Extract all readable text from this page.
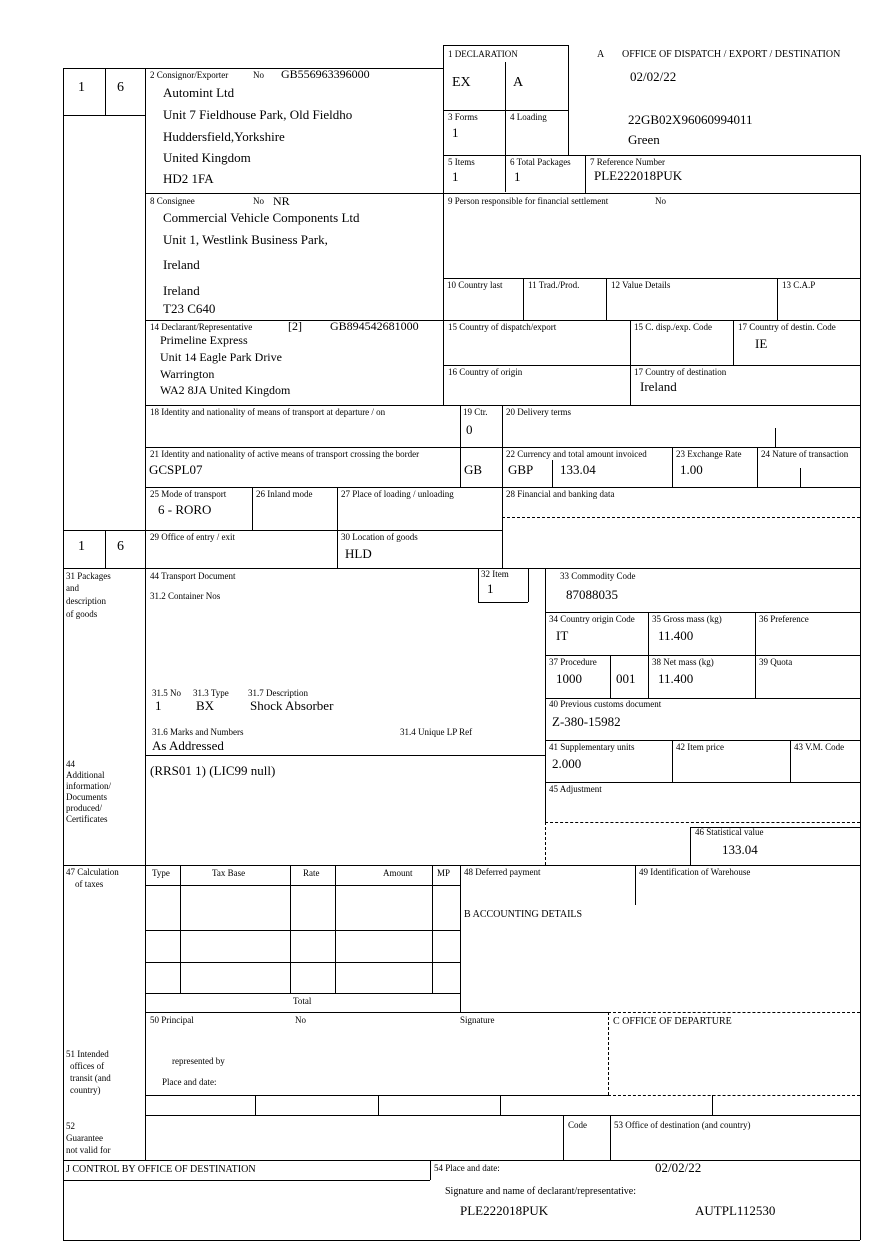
1 6
1 6
1 DECLARATION
EX	A
A OFFICE OF DISPATCH / EXPORT / DESTINATION
02/02/22
22GB02X96060994011
Green
2 Consignor/Exporter	No GB556963396000
Automint Ltd
Unit 7 Fieldhouse Park, Old Fieldho
Huddersfield,Yorkshire
United Kingdom
HD2 1FA
3 Forms
1
4 Loading
5 Items
1
6 Total Packages
1
7 Reference Number
PLE222018PUK
8 Consignee	No NR
Commercial Vehicle Components Ltd
Unit 1, Westlink Business Park,
Ireland
Ireland
T23 C640
9 Person responsible for financial settlement	No
10 Country last	11 Trad./Prod.	12 Value Details	13 C.A.P
14 Declarant/Representative	[2] GB894542681000
Primeline Express
Unit 14 Eagle Park Drive
Warrington
WA2 8JA United Kingdom
15 Country of dispatch/export	15 C. disp./exp. Code	17 Country of destin. Code
IE
16 Country of origin	17 Country of destination
Ireland
18 Identity and nationality of means of transport at departure / on	19 Ctr.
0
20 Delivery terms
21 Identity and nationality of active means of transport crossing the border
GCSPL07	GB
22 Currency and total amount invoiced
GBP 133.04
23 Exchange Rate
1.00
24 Nature of transaction
25 Mode of transport
6 - RORO
26 Inland mode	27 Place of loading / unloading	28 Financial and banking data
29 Office of entry / exit	30 Location of goods
HLD
31 Packages
and
description
of goods
44 Transport Document
31.2 Container Nos
32 Item
1
33 Commodity Code
87088035
34 Country origin Code
IT
35 Gross mass (kg)
11.400
36 Preference
37 Procedure
1000	001
38 Net mass (kg)
11.400
39 Quota
31.5 No
1
31.3 Type
BX
31.7 Description
Shock Absorber	40 Previous customs document
Z-380-15982
31.6 Marks and Numbers
As Addressed
31.4 Unique LP Ref
41 Supplementary units
2.000
42 Item price	43 V.M. Code
44
Additional
information/
Documents
produced/
Certificates
(RRS01 1) (LIC99 null)
45 Adjustment
46 Statistical value
133.04
47 Calculation
of taxes
Type	Tax Base	Rate	Amount	MP
Total
48 Deferred payment	49 Identification of Warehouse
B ACCOUNTING DETAILS
50 Principal	No	Signature	C OFFICE OF DEPARTURE
51 Intended
offices of
transit (and
country)
represented by
Place and date:
52
Guarantee
not valid for
Code	53 Office of destination (and country)
J CONTROL BY OFFICE OF DESTINATION	54 Place and date:	02/02/22
Signature and name of declarant/representative:
PLE222018PUK	AUTPL112530
